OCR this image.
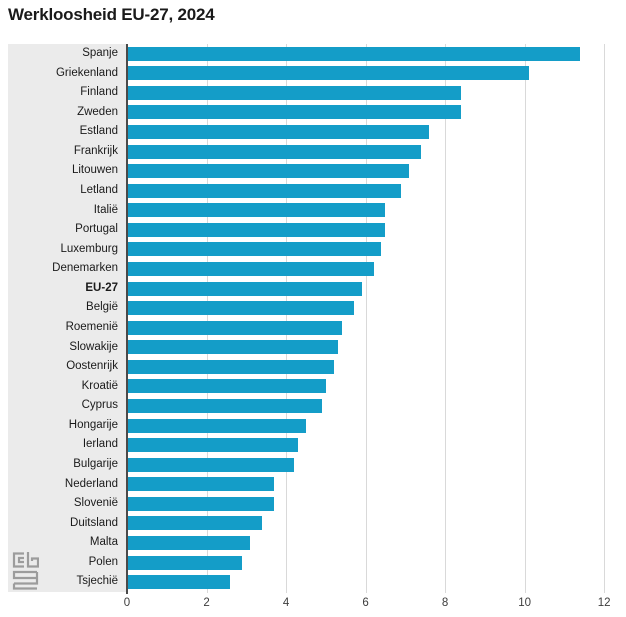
Werkloosheid EU-27, 2024
Spanje
Griekenland
Finland
Zweden
Estland
Frankrijk
Litouwen
Letland
Italië
Portugal
Luxemburg
Denemarken
EU-27
België
Roemenië
Slowakije
Oostenrijk
Kroatië
Cyprus
Hongarije
Ierland
Bulgarije
Nederland
Slovenië
Duitsland
Malta
Polen
Tsjechië
0	2	4	6	8	10	12
